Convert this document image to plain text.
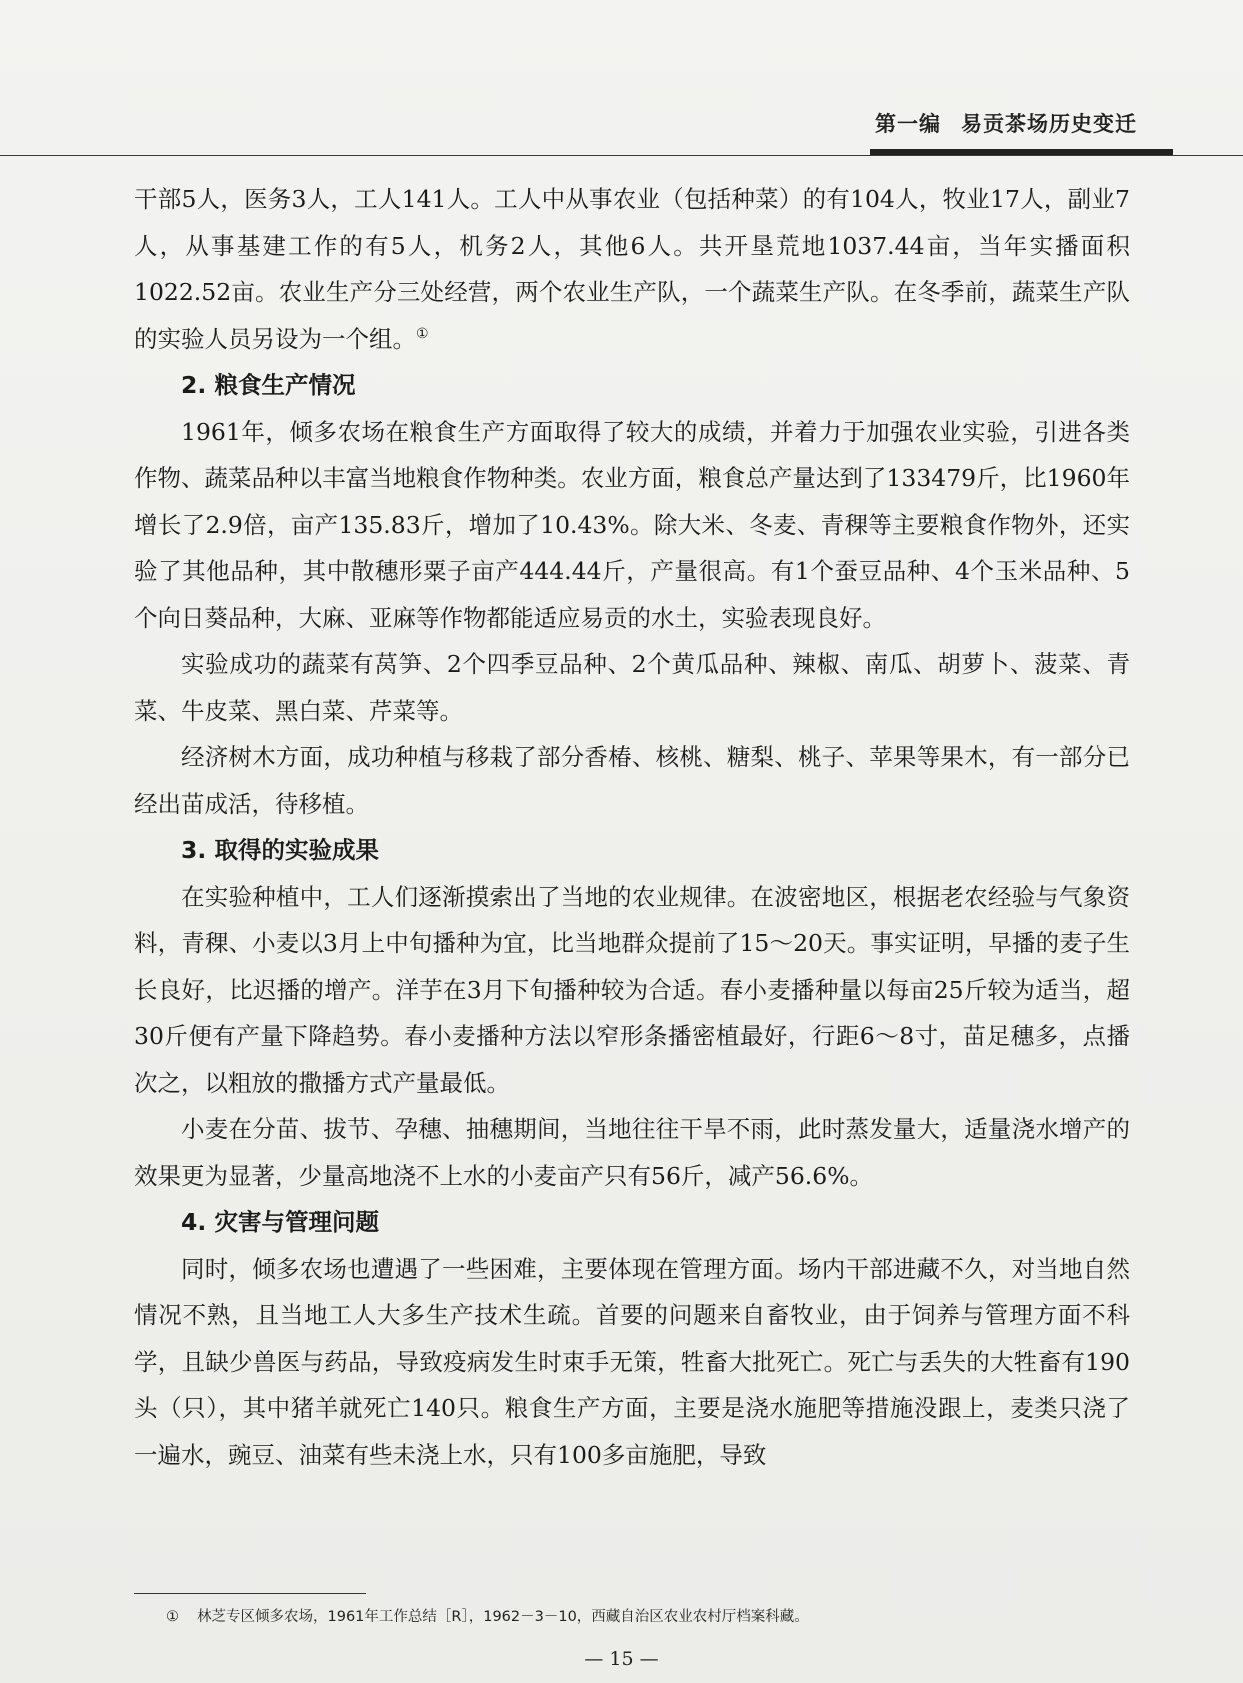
第一编 易贡茶场历史变迁

干部5人，医务3人，工人141人。工人中从事农业（包括种菜）的有104人，牧业17人，副业7人，从事基建工作的有5人，机务2人，其他6人。共开垦荒地1037.44亩，当年实播面积1022.52亩。农业生产分三处经营，两个农业生产队，一个蔬菜生产队。在冬季前，蔬菜生产队的实验人员另设为一个组。①

2. 粮食生产情况

1961年，倾多农场在粮食生产方面取得了较大的成绩，并着力于加强农业实验，引进各类作物、蔬菜品种以丰富当地粮食作物种类。农业方面，粮食总产量达到了133479斤，比1960年增长了2.9倍，亩产135.83斤，增加了10.43%。除大米、冬麦、青稞等主要粮食作物外，还实验了其他品种，其中散穗形粟子亩产444.44斤，产量很高。有1个蚕豆品种、4个玉米品种、5个向日葵品种，大麻、亚麻等作物都能适应易贡的水土，实验表现良好。

实验成功的蔬菜有莴笋、2个四季豆品种、2个黄瓜品种、辣椒、南瓜、胡萝卜、菠菜、青菜、牛皮菜、黑白菜、芹菜等。

经济树木方面，成功种植与移栽了部分香椿、核桃、糖梨、桃子、苹果等果木，有一部分已经出苗成活，待移植。

3. 取得的实验成果

在实验种植中，工人们逐渐摸索出了当地的农业规律。在波密地区，根据老农经验与气象资料，青稞、小麦以3月上中旬播种为宜，比当地群众提前了15～20天。事实证明，早播的麦子生长良好，比迟播的增产。洋芋在3月下旬播种较为合适。春小麦播种量以每亩25斤较为适当，超30斤便有产量下降趋势。春小麦播种方法以窄形条播密植最好，行距6～8寸，苗足穗多，点播次之，以粗放的撒播方式产量最低。

小麦在分苗、拔节、孕穗、抽穗期间，当地往往干旱不雨，此时蒸发量大，适量浇水增产的效果更为显著，少量高地浇不上水的小麦亩产只有56斤，减产56.6%。

4. 灾害与管理问题

同时，倾多农场也遭遇了一些困难，主要体现在管理方面。场内干部进藏不久，对当地自然情况不熟，且当地工人大多生产技术生疏。首要的问题来自畜牧业，由于饲养与管理方面不科学，且缺少兽医与药品，导致疫病发生时束手无策，牲畜大批死亡。死亡与丢失的大牲畜有190头（只），其中猪羊就死亡140只。粮食生产方面，主要是浇水施肥等措施没跟上，麦类只浇了一遍水，豌豆、油菜有些未浇上水，只有100多亩施肥，导致

① 林芝专区倾多农场，1961年工作总结［R］，1962－3－10，西藏自治区农业农村厅档案科藏。
— 15 —
